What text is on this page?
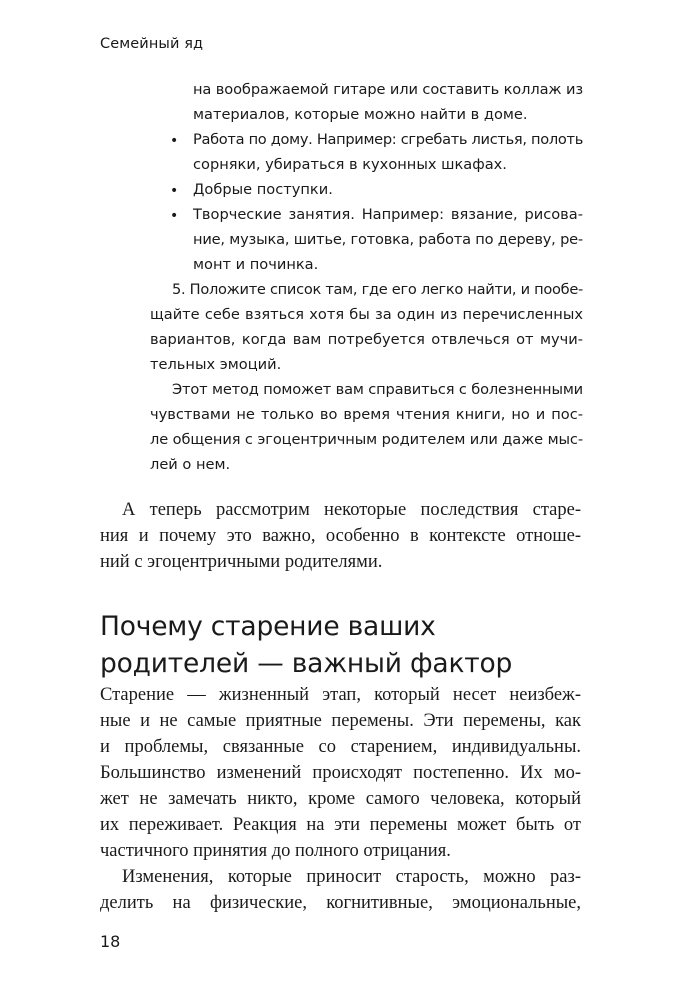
Семейный яд
на воображаемой гитаре или составить коллаж из
материалов, которые можно найти в доме.
• Работа по дому. Например: сгребать листья, полоть
сорняки, убираться в кухонных шкафах.
• Добрые поступки.
• Творческие занятия. Например: вязание, рисова-
ние, музыка, шитье, готовка, работа по дереву, ре-
монт и починка.
5. Положите список там, где его легко найти, и пообе-
щайте себе взяться хотя бы за один из перечисленных
вариантов, когда вам потребуется отвлечься от мучи-
тельных эмоций.
Этот метод поможет вам справиться с болезненными
чувствами не только во время чтения книги, но и пос-
ле общения с эгоцентричным родителем или даже мыс-
лей о нем.
А теперь рассмотрим некоторые последствия старе-
ния и почему это важно, особенно в контексте отноше-
ний с эгоцентричными родителями.
Почему старение ваших
родителей — важный фактор
Старение — жизненный этап, который несет неизбеж-
ные и не самые приятные перемены. Эти перемены, как
и проблемы, связанные со старением, индивидуальны.
Большинство изменений происходят постепенно. Их мо-
жет не замечать никто, кроме самого человека, который
их переживает. Реакция на эти перемены может быть от
частичного принятия до полного отрицания.
Изменения, которые приносит старость, можно раз-
делить на физические, когнитивные, эмоциональные,
18
